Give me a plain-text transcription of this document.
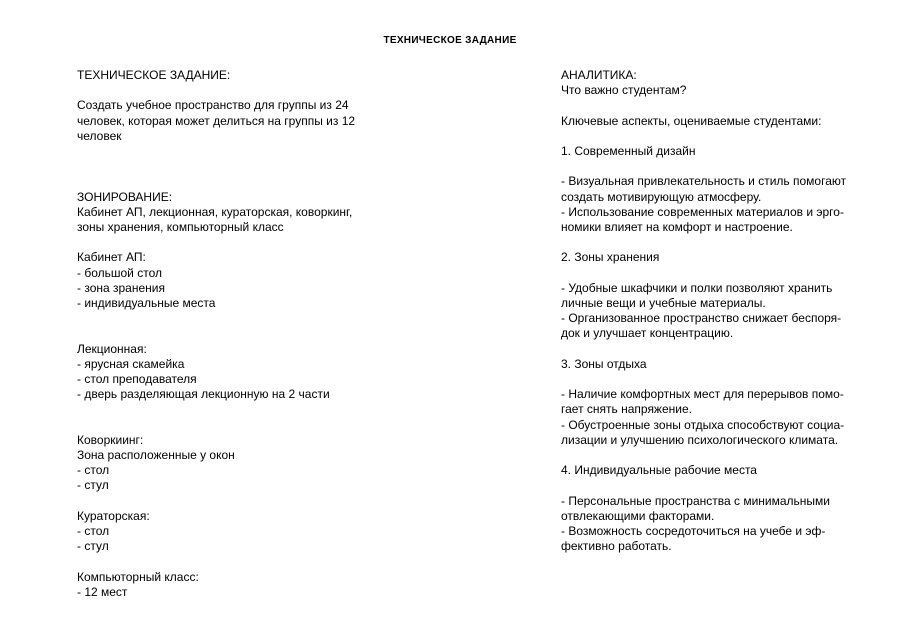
ТЕХНИЧЕСКОЕ ЗАДАНИЕ
ТЕХНИЧЕСКОЕ ЗАДАНИЕ:
Создать учебное пространство для группы из 24
человек, которая может делиться на группы из 12
человек
ЗОНИРОВАНИЕ:
Кабинет АП, лекционная, кураторская, коворкинг,
зоны хранения, компьюторный класс
Кабинет АП:
- большой стол
- зона зранения
- индивидуальные места
Лекционная:
- ярусная скамейка
- стол преподавателя
- дверь разделяющая лекционную на 2 части
Коворкиинг:
Зона расположенные у окон
- стол
- стул
Кураторская:
- стол
- стул
Компьюторный класс:
- 12 мест
АНАЛИТИКА:
Что важно студентам?
Ключевые аспекты, оцениваемые студентами:
1. Современный дизайн
- Визуальная привлекательность и стиль помогают
создать мотивирующую атмосферу.
- Использование современных материалов и эрго-
номики влияет на комфорт и настроение.
2. Зоны хранения
- Удобные шкафчики и полки позволяют хранить
личные вещи и учебные материалы.
- Организованное пространство снижает беспоря-
док и улучшает концентрацию.
3. Зоны отдыха
- Наличие комфортных мест для перерывов помо-
гает снять напряжение.
- Обустроенные зоны отдыха способствуют социа-
лизации и улучшению психологического климата.
4. Индивидуальные рабочие места
- Персональные пространства с минимальными
отвлекающими факторами.
- Возможность сосредоточиться на учебе и эф-
фективно работать.
